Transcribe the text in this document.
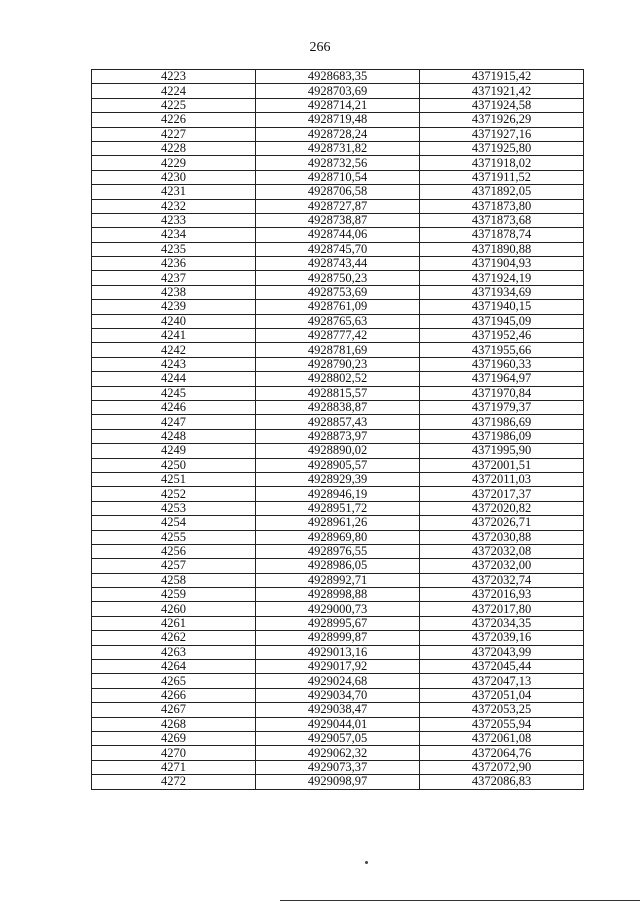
266
4223	4928683,35	4371915,42
4224	4928703,69	4371921,42
4225	4928714,21	4371924,58
4226	4928719,48	4371926,29
4227	4928728,24	4371927,16
4228	4928731,82	4371925,80
4229	4928732,56	4371918,02
4230	4928710,54	4371911,52
4231	4928706,58	4371892,05
4232	4928727,87	4371873,80
4233	4928738,87	4371873,68
4234	4928744,06	4371878,74
4235	4928745,70	4371890,88
4236	4928743,44	4371904,93
4237	4928750,23	4371924,19
4238	4928753,69	4371934,69
4239	4928761,09	4371940,15
4240	4928765,63	4371945,09
4241	4928777,42	4371952,46
4242	4928781,69	4371955,66
4243	4928790,23	4371960,33
4244	4928802,52	4371964,97
4245	4928815,57	4371970,84
4246	4928838,87	4371979,37
4247	4928857,43	4371986,69
4248	4928873,97	4371986,09
4249	4928890,02	4371995,90
4250	4928905,57	4372001,51
4251	4928929,39	4372011,03
4252	4928946,19	4372017,37
4253	4928951,72	4372020,82
4254	4928961,26	4372026,71
4255	4928969,80	4372030,88
4256	4928976,55	4372032,08
4257	4928986,05	4372032,00
4258	4928992,71	4372032,74
4259	4928998,88	4372016,93
4260	4929000,73	4372017,80
4261	4928995,67	4372034,35
4262	4928999,87	4372039,16
4263	4929013,16	4372043,99
4264	4929017,92	4372045,44
4265	4929024,68	4372047,13
4266	4929034,70	4372051,04
4267	4929038,47	4372053,25
4268	4929044,01	4372055,94
4269	4929057,05	4372061,08
4270	4929062,32	4372064,76
4271	4929073,37	4372072,90
4272	4929098,97	4372086,83
